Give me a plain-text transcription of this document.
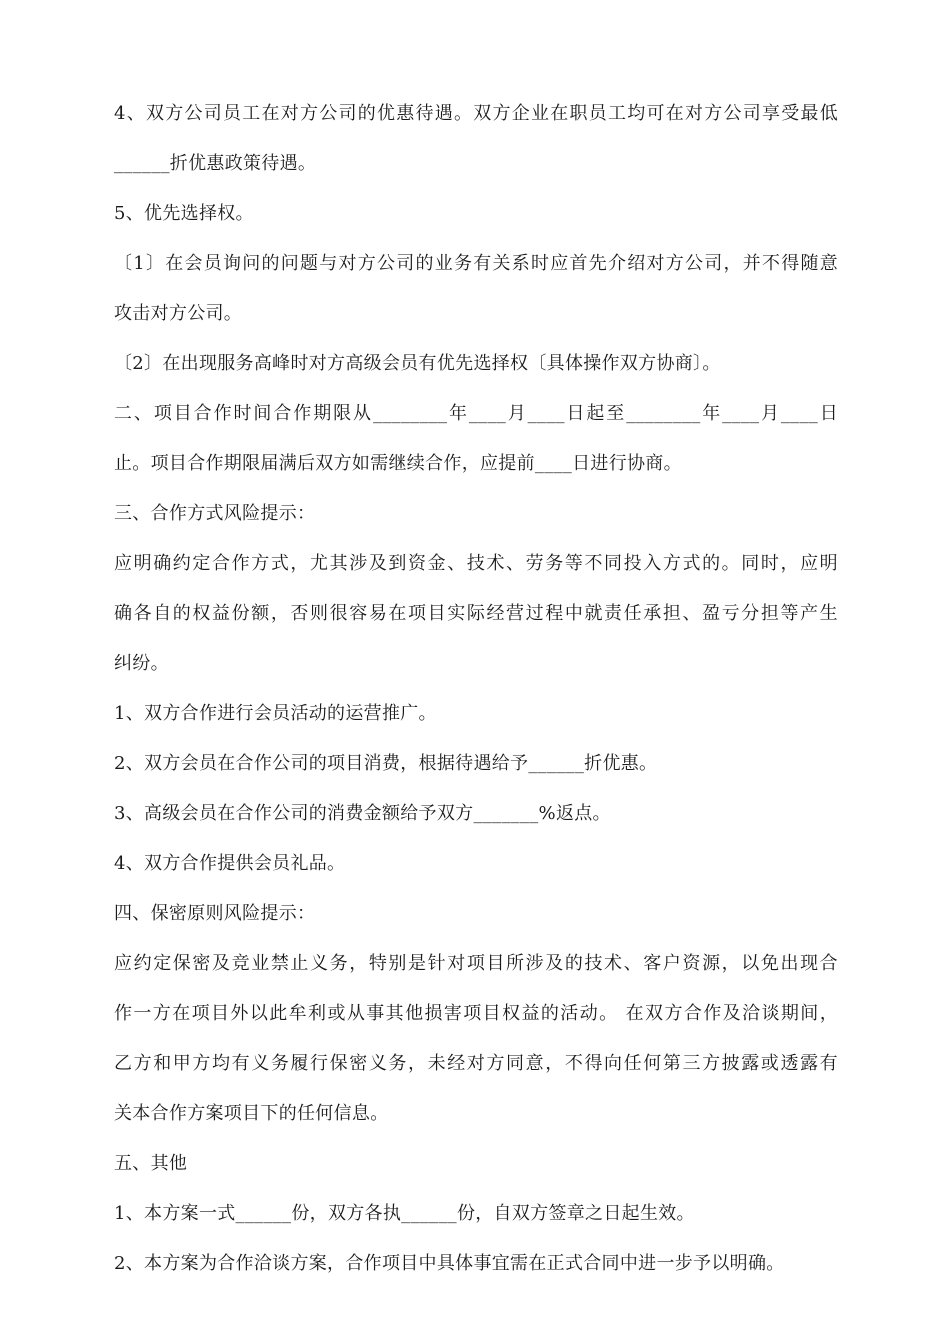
4、双方公司员工在对方公司的优惠待遇。双方企业在职员工均可在对方公司享受最低
______折优惠政策待遇。
5、优先选择权。
〔1〕在会员询问的问题与对方公司的业务有关系时应首先介绍对方公司，并不得随意
攻击对方公司。
〔2〕在出现服务高峰时对方高级会员有优先选择权〔具体操作双方协商〕。
二、项目合作时间合作期限从________年____月____日起至________年____月____日
止。项目合作期限届满后双方如需继续合作，应提前____日进行协商。
三、合作方式风险提示：
应明确约定合作方式，尤其涉及到资金、技术、劳务等不同投入方式的。同时，应明
确各自的权益份额，否则很容易在项目实际经营过程中就责任承担、盈亏分担等产生
纠纷。
1、双方合作进行会员活动的运营推广。
2、双方会员在合作公司的项目消费，根据待遇给予______折优惠。
3、高级会员在合作公司的消费金额给予双方_______%返点。
4、双方合作提供会员礼品。
四、保密原则风险提示：
应约定保密及竞业禁止义务，特别是针对项目所涉及的技术、客户资源，以免出现合
作一方在项目外以此牟利或从事其他损害项目权益的活动。 在双方合作及洽谈期间，
乙方和甲方均有义务履行保密义务，未经对方同意，不得向任何第三方披露或透露有
关本合作方案项目下的任何信息。
五、其他
1、本方案一式______份，双方各执______份，自双方签章之日起生效。
2、本方案为合作洽谈方案，合作项目中具体事宜需在正式合同中进一步予以明确。
